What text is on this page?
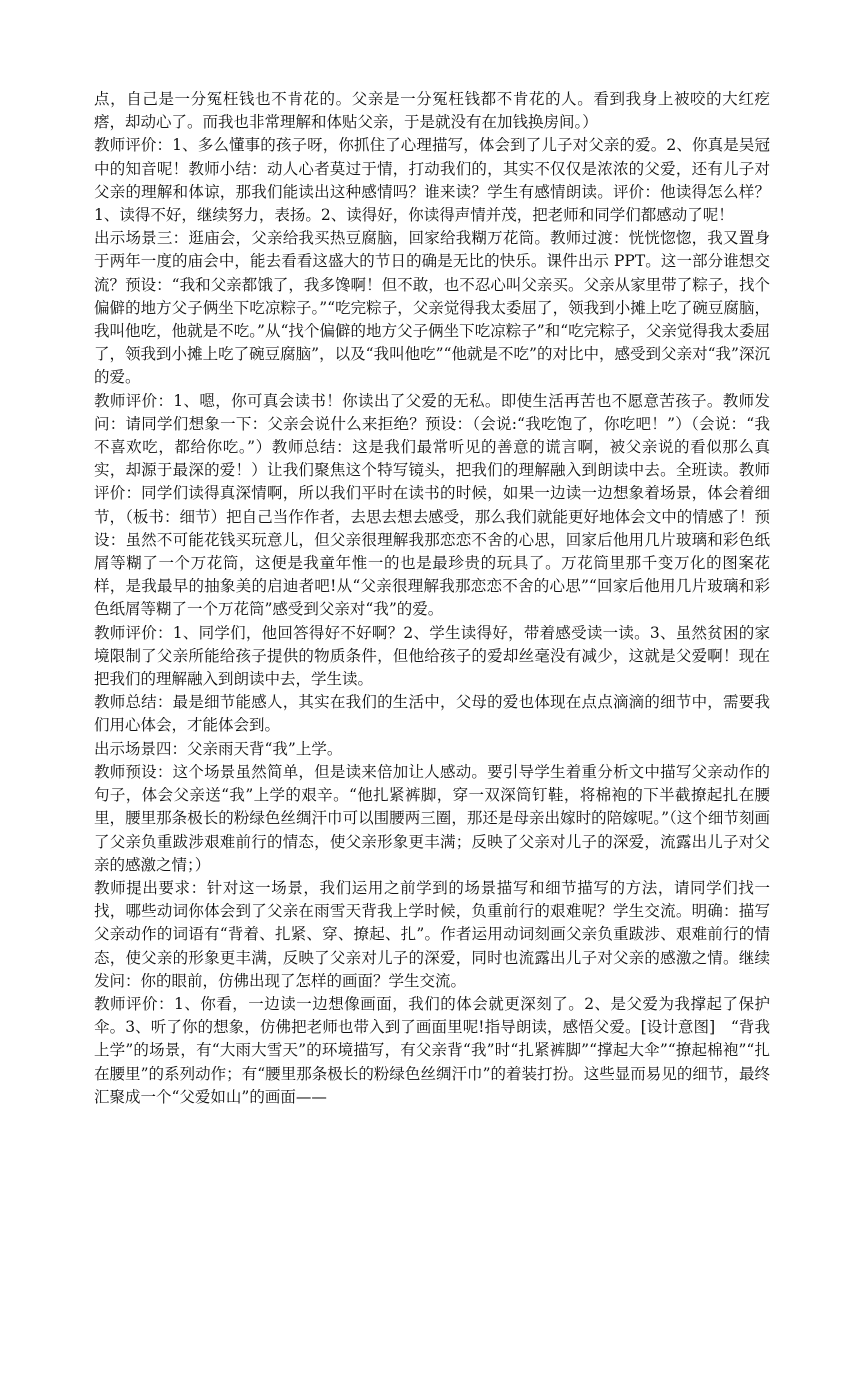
点，自己是一分冤枉钱也不肯花的。父亲是一分冤枉钱都不肯花的人。看到我身上被咬的大红疙瘩，却动心了。而我也非常理解和体贴父亲，于是就没有在加钱换房间。）

教师评价：1、多么懂事的孩子呀，你抓住了心理描写，体会到了儿子对父亲的爱。2、你真是吴冠中的知音呢！教师小结：动人心者莫过于情，打动我们的，其实不仅仅是浓浓的父爱，还有儿子对父亲的理解和体谅，那我们能读出这种感情吗？谁来读？学生有感情朗读。评价：他读得怎么样？1、读得不好，继续努力，表扬。2、读得好，你读得声情并茂，把老师和同学们都感动了呢！

出示场景三：逛庙会，父亲给我买热豆腐脑，回家给我糊万花筒。教师过渡：恍恍惚惚，我又置身于两年一度的庙会中，能去看看这盛大的节日的确是无比的快乐。课件出示 PPT。这一部分谁想交流？预设：“我和父亲都饿了，我多馋啊！但不敢，也不忍心叫父亲买。父亲从家里带了粽子，找个偏僻的地方父子俩坐下吃凉粽子。”“吃完粽子，父亲觉得我太委屈了，领我到小摊上吃了碗豆腐脑，我叫他吃，他就是不吃。”从“找个偏僻的地方父子俩坐下吃凉粽子”和“吃完粽子，父亲觉得我太委屈了，领我到小摊上吃了碗豆腐脑”，以及“我叫他吃”“他就是不吃”的对比中，感受到父亲对“我”深沉的爱。

教师评价：1、嗯，你可真会读书！你读出了父爱的无私。即使生活再苦也不愿意苦孩子。教师发问：请同学们想象一下：父亲会说什么来拒绝？预设：（会说:“我吃饱了，你吃吧！”）（会说：“我不喜欢吃，都给你吃。”）教师总结：这是我们最常听见的善意的谎言啊，被父亲说的看似那么真实，却源于最深的爱！）让我们聚焦这个特写镜头，把我们的理解融入到朗读中去。全班读。教师评价：同学们读得真深情啊，所以我们平时在读书的时候，如果一边读一边想象着场景，体会着细节，（板书：细节）把自己当作作者，去思去想去感受，那么我们就能更好地体会文中的情感了！预设：虽然不可能花钱买玩意儿，但父亲很理解我那恋恋不舍的心思，回家后他用几片玻璃和彩色纸屑等糊了一个万花筒，这便是我童年惟一的也是最珍贵的玩具了。万花筒里那千变万化的图案花样，是我最早的抽象美的启迪者吧!从“父亲很理解我那恋恋不舍的心思”“回家后他用几片玻璃和彩色纸屑等糊了一个万花筒”感受到父亲对“我”的爱。

教师评价：1、同学们，他回答得好不好啊？2、学生读得好，带着感受读一读。3、虽然贫困的家境限制了父亲所能给孩子提供的物质条件，但他给孩子的爱却丝毫没有减少，这就是父爱啊！现在把我们的理解融入到朗读中去，学生读。

教师总结：最是细节能感人，其实在我们的生活中，父母的爱也体现在点点滴滴的细节中，需要我们用心体会，才能体会到。

出示场景四：父亲雨天背“我”上学。

教师预设：这个场景虽然简单，但是读来倍加让人感动。要引导学生着重分析文中描写父亲动作的句子，体会父亲送“我”上学的艰辛。“他扎紧裤脚，穿一双深筒钉鞋，将棉袍的下半截撩起扎在腰里，腰里那条极长的粉绿色丝绸汗巾可以围腰两三圈，那还是母亲出嫁时的陪嫁呢。”（这个细节刻画了父亲负重跋涉艰难前行的情态，使父亲形象更丰满；反映了父亲对儿子的深爱，流露出儿子对父亲的感激之情；）

教师提出要求：针对这一场景，我们运用之前学到的场景描写和细节描写的方法，请同学们找一找，哪些动词你体会到了父亲在雨雪天背我上学时候，负重前行的艰难呢？学生交流。明确：描写父亲动作的词语有“背着、扎紧、穿、撩起、扎”。作者运用动词刻画父亲负重跋涉、艰难前行的情态，使父亲的形象更丰满，反映了父亲对儿子的深爱，同时也流露出儿子对父亲的感激之情。继续发问：你的眼前，仿佛出现了怎样的画面？学生交流。

教师评价：1、你看，一边读一边想像画面，我们的体会就更深刻了。2、是父爱为我撑起了保护伞。3、听了你的想象，仿佛把老师也带入到了画面里呢!指导朗读，感悟父爱。[设计意图]　“背我上学”的场景，有“大雨大雪天”的环境描写，有父亲背“我”时“扎紧裤脚”“撑起大伞”“撩起棉袍”“扎在腰里”的系列动作；有“腰里那条极长的粉绿色丝绸汗巾”的着装打扮。这些显而易见的细节，最终汇聚成一个“父爱如山”的画面——
